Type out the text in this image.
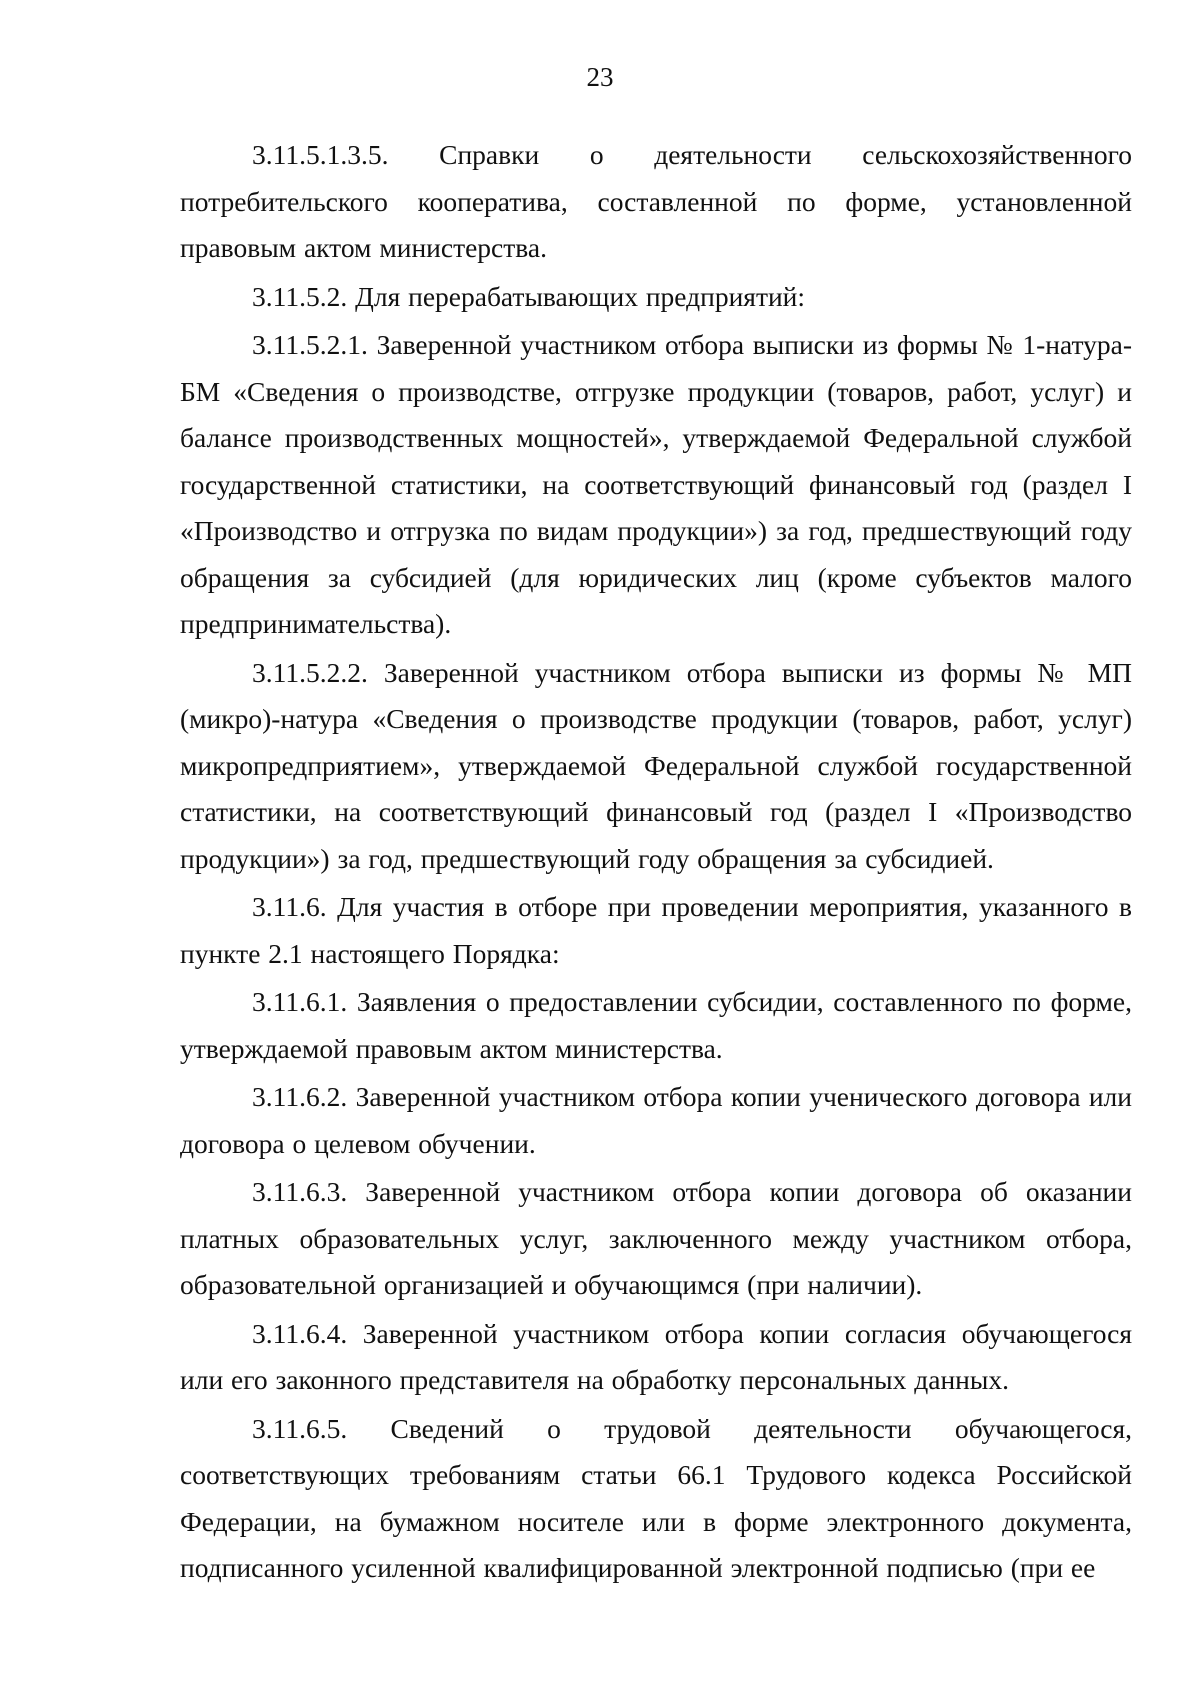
23

3.11.5.1.3.5. Справки о деятельности сельскохозяйственного потребительского кооператива, составленной по форме, установленной правовым актом министерства.

3.11.5.2. Для перерабатывающих предприятий:

3.11.5.2.1. Заверенной участником отбора выписки из формы № 1-натура-БМ «Сведения о производстве, отгрузке продукции (товаров, работ, услуг) и балансе производственных мощностей», утверждаемой Федеральной службой государственной статистики, на соответствующий финансовый год (раздел I «Производство и отгрузка по видам продукции») за год, предшествующий году обращения за субсидией (для юридических лиц (кроме субъектов малого предпринимательства).

3.11.5.2.2. Заверенной участником отбора выписки из формы № МП (микро)-натура «Сведения о производстве продукции (товаров, работ, услуг) микропредприятием», утверждаемой Федеральной службой государственной статистики, на соответствующий финансовый год (раздел I «Производство продукции») за год, предшествующий году обращения за субсидией.

3.11.6. Для участия в отборе при проведении мероприятия, указанного в пункте 2.1 настоящего Порядка:

3.11.6.1. Заявления о предоставлении субсидии, составленного по форме, утверждаемой правовым актом министерства.

3.11.6.2. Заверенной участником отбора копии ученического договора или договора о целевом обучении.

3.11.6.3. Заверенной участником отбора копии договора об оказании платных образовательных услуг, заключенного между участником отбора, образовательной организацией и обучающимся (при наличии).

3.11.6.4. Заверенной участником отбора копии согласия обучающегося или его законного представителя на обработку персональных данных.

3.11.6.5. Сведений о трудовой деятельности обучающегося, соответствующих требованиям статьи 66.1 Трудового кодекса Российской Федерации, на бумажном носителе или в форме электронного документа, подписанного усиленной квалифицированной электронной подписью (при ее
